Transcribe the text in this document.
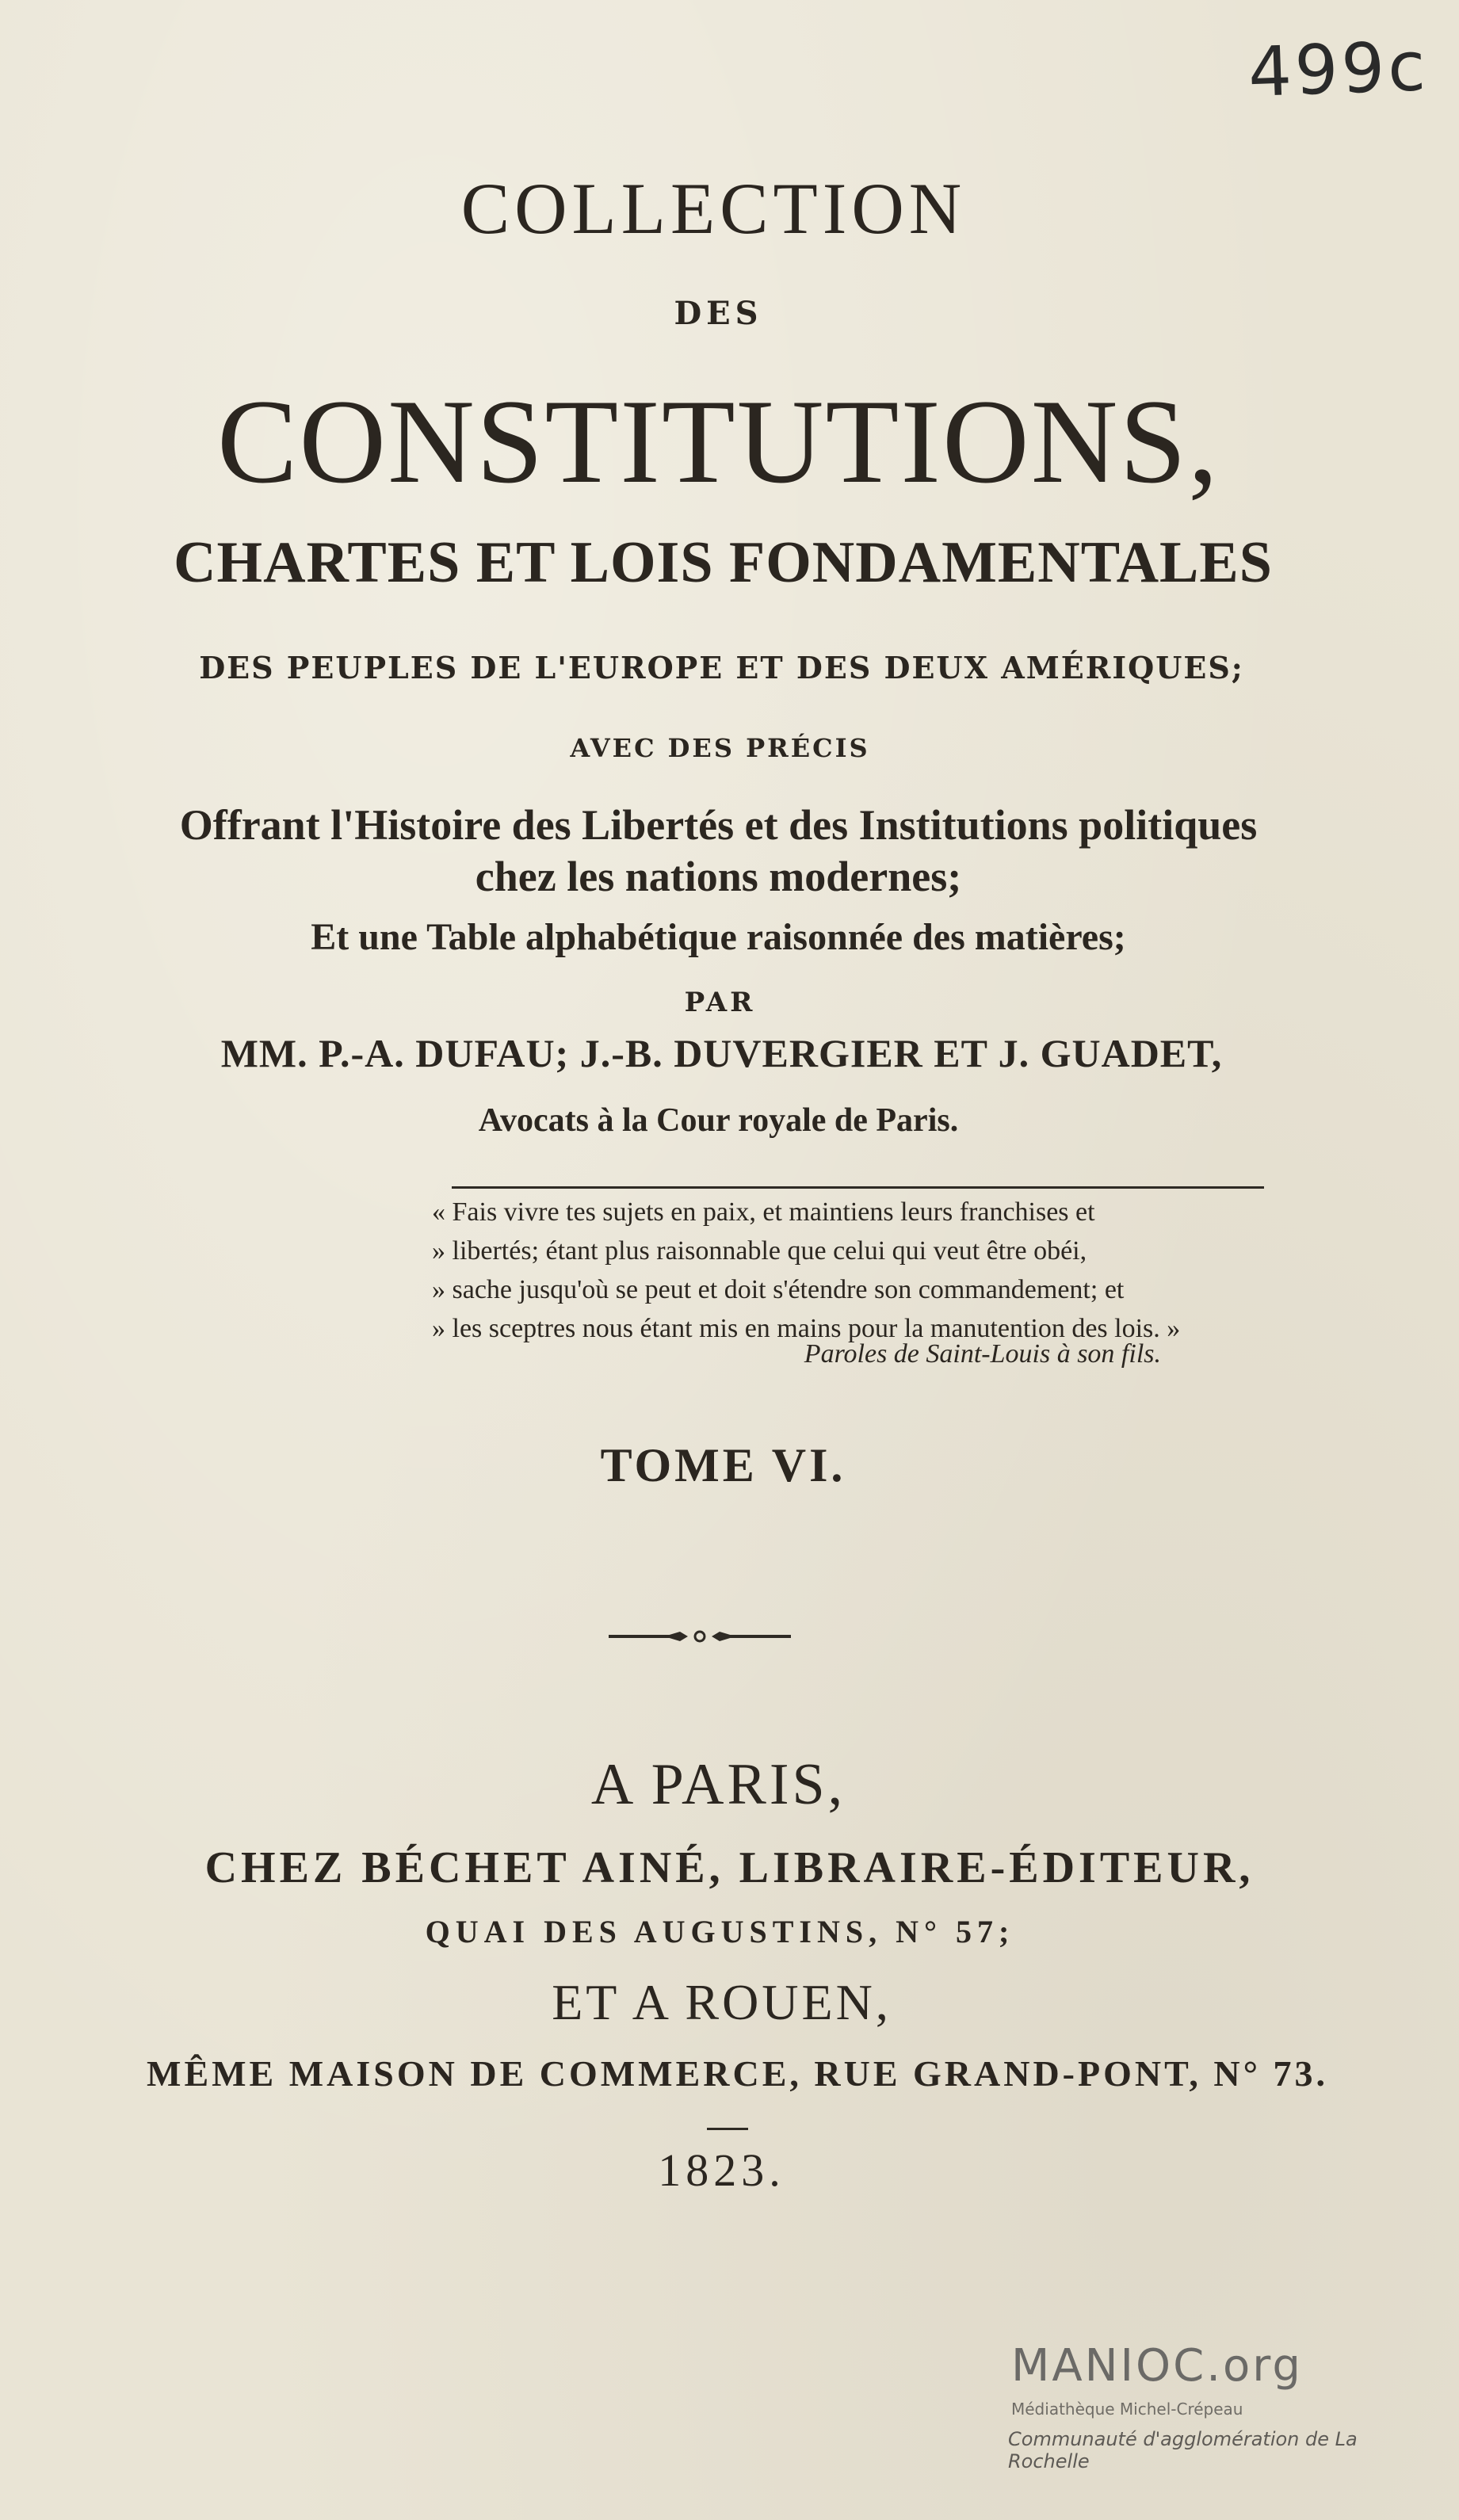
499c
COLLECTION
DES
CONSTITUTIONS,
CHARTES ET LOIS FONDAMENTALES
DES PEUPLES DE L'EUROPE ET DES DEUX AMÉRIQUES;
AVEC DES PRÉCIS
Offrant l'Histoire des Libertés et des Institutions politiques
chez les nations modernes;
Et une Table alphabétique raisonnée des matières;
PAR
MM. P.-A. DUFAU; J.-B. DUVERGIER ET J. GUADET,
Avocats à la Cour royale de Paris.
« Fais vivre tes sujets en paix, et maintiens leurs franchises et
» libertés; étant plus raisonnable que celui qui veut être obéi,
» sache jusqu'où se peut et doit s'étendre son commandement; et
» les sceptres nous étant mis en mains pour la manutention des lois. »
Paroles de Saint-Louis à son fils.
TOME VI.
A PARIS,
CHEZ BÉCHET AINÉ, LIBRAIRE-ÉDITEUR,
QUAI DES AUGUSTINS, N° 57;
ET A ROUEN,
MÊME MAISON DE COMMERCE, RUE GRAND-PONT, N° 73.
1823.
MANIOC.org
Médiathèque Michel-Crépeau
Communauté d'agglomération de La Rochelle
